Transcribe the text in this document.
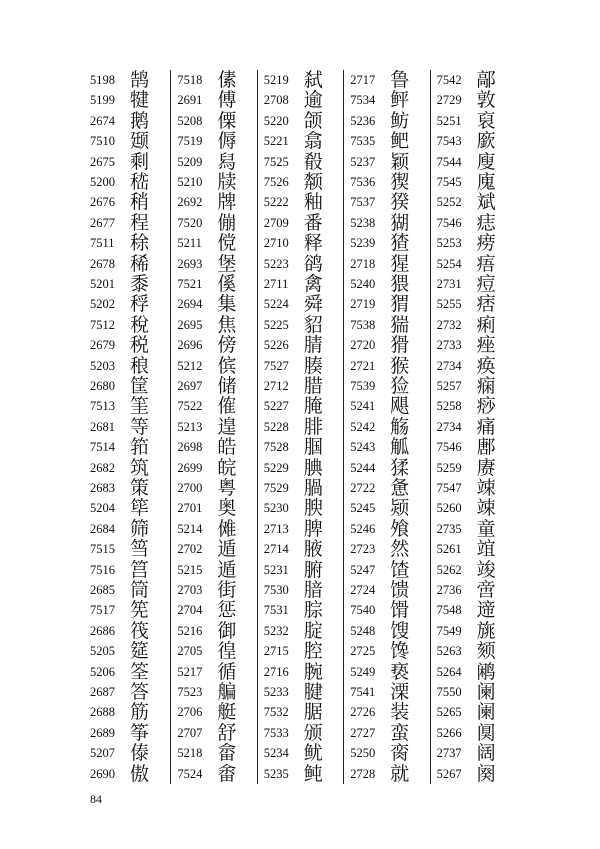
5198 鹄
5199 犍
2674 鹅
7510 颋
2675 剩
5200 嵇
2676 稍
2677 程
7511 稌
2678 稀
5201 黍
5202 稃
7512 稅
2679 税
5203 稂
2680 筐
7513 筀
2681 等
7514 筘
2682 筑
2683 策
5204 筚
2684 筛
7515 筜
7516 筥
2685 筒
7517 筅
2686 筏
5205 筵
5206 筌
2687 答
2688 筋
2689 筝
5207 傣
2690 傲
7518 傃
2691 傅
5208 傈
7519 傉
5209 舄
5210 牍
2692 牌
7520 傰
5211 傥
2693 堡
7521 傒
2694 集
2695 焦
2696 傍
5212 傧
2697 储
7522 傕
5213 遑
2698 皓
2699 皖
2700 粤
2701 奥
5214 傩
2702 遁
5215 遁
2703 街
2704 惩
5216 御
2705 徨
5217 循
7523 艑
2706 艇
2707 舒
5218 畲
7524 畬
5219 弑
2708 逾
5220 颌
5221 翕
7525 殽
7526 颒
5222 釉
2709 番
2710 释
5223 鹆
2711 禽
5224 舜
5225 貂
5226 腈
7527 腠
2712 腊
5227 腌
5228 腓
7528 腘
5229 腆
7529 腡
5230 腴
2713 脾
2714 腋
5231 腑
7530 腤
7531 腙
5232 腚
2715 腔
2716 腕
5233 腱
7532 腒
7533 颁
5234 鱿
5235 鲀
2717 鲁
7534 鲆
5236 鲂
7535 鲃
5237 颖
7536 猰
7537 猤
5238 猢
5239 猹
2718 猩
5240 猥
2719 猬
7538 猯
2720 猾
2721 猴
7539 猃
5241 飓
5242 觞
5243 觚
5244 猱
2722 惫
5245 颎
5246 飧
2723 然
5247 馇
2724 馈
7540 馉
5248 馊
2725 馋
5249 亵
7541 溧
2726 装
2727 蛮
5250 脔
2728 就
7542 鄗
2729 敦
5251 裒
7543 廞
7544 廋
7545 廆
5252 斌
7546 痣
5253 痨
5254 痦
2731 痘
5255 痞
2732 痢
2733 痤
2734 痪
5257 痫
5258 痧
2734 痛
7546 鄌
5259 赓
7547 竦
5260 竦
2735 童
5261 竩
5262 竣
2736 啻
7548 遆
7549 旐
5263 颏
5264 鹇
7550 阑
5265 阑
5266 阒
2737 阔
5267 阕
84
